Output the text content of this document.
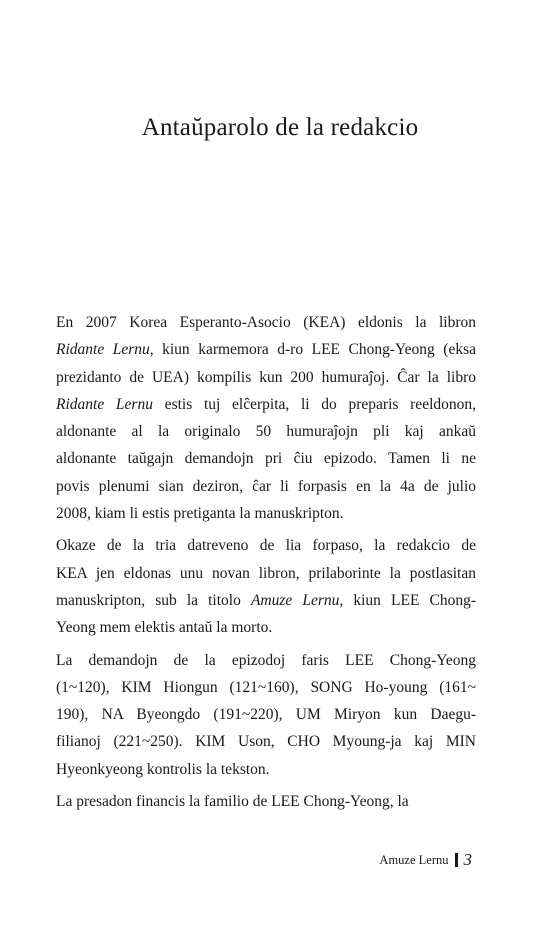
Antaŭparolo de la redakcio
En 2007 Korea Esperanto-Asocio (KEA) eldonis la libron
Ridante Lernu, kiun karmemora d-ro LEE Chong-Yeong (eksa
prezidanto de UEA) kompilis kun 200 humuraĵoj. Ĉar la libro
Ridante Lernu estis tuj elĉerpita, li do preparis reeldonon,
aldonante al la originalo 50 humuraĵojn pli kaj ankaŭ
aldonante taŭgajn demandojn pri ĉiu epizodo. Tamen li ne
povis plenumi sian deziron, ĉar li forpasis en la 4a de julio
2008, kiam li estis pretiganta la manuskripton.
Okaze de la tria datreveno de lia forpaso, la redakcio de
KEA jen eldonas unu novan libron, prilaborinte la postlasitan
manuskripton, sub la titolo Amuze Lernu, kiun LEE Chong-
Yeong mem elektis antaŭ la morto.
La demandojn de la epizodoj faris LEE Chong-Yeong
(1~120), KIM Hiongun (121~160), SONG Ho-young (161~
190), NA Byeongdo (191~220), UM Miryon kun Daegu-
filianoj (221~250). KIM Uson, CHO Myoung-ja kaj MIN
Hyeonkyeong kontrolis la tekston.
La presadon financis la familio de LEE Chong-Yeong, la
Amuze Lernu 3
